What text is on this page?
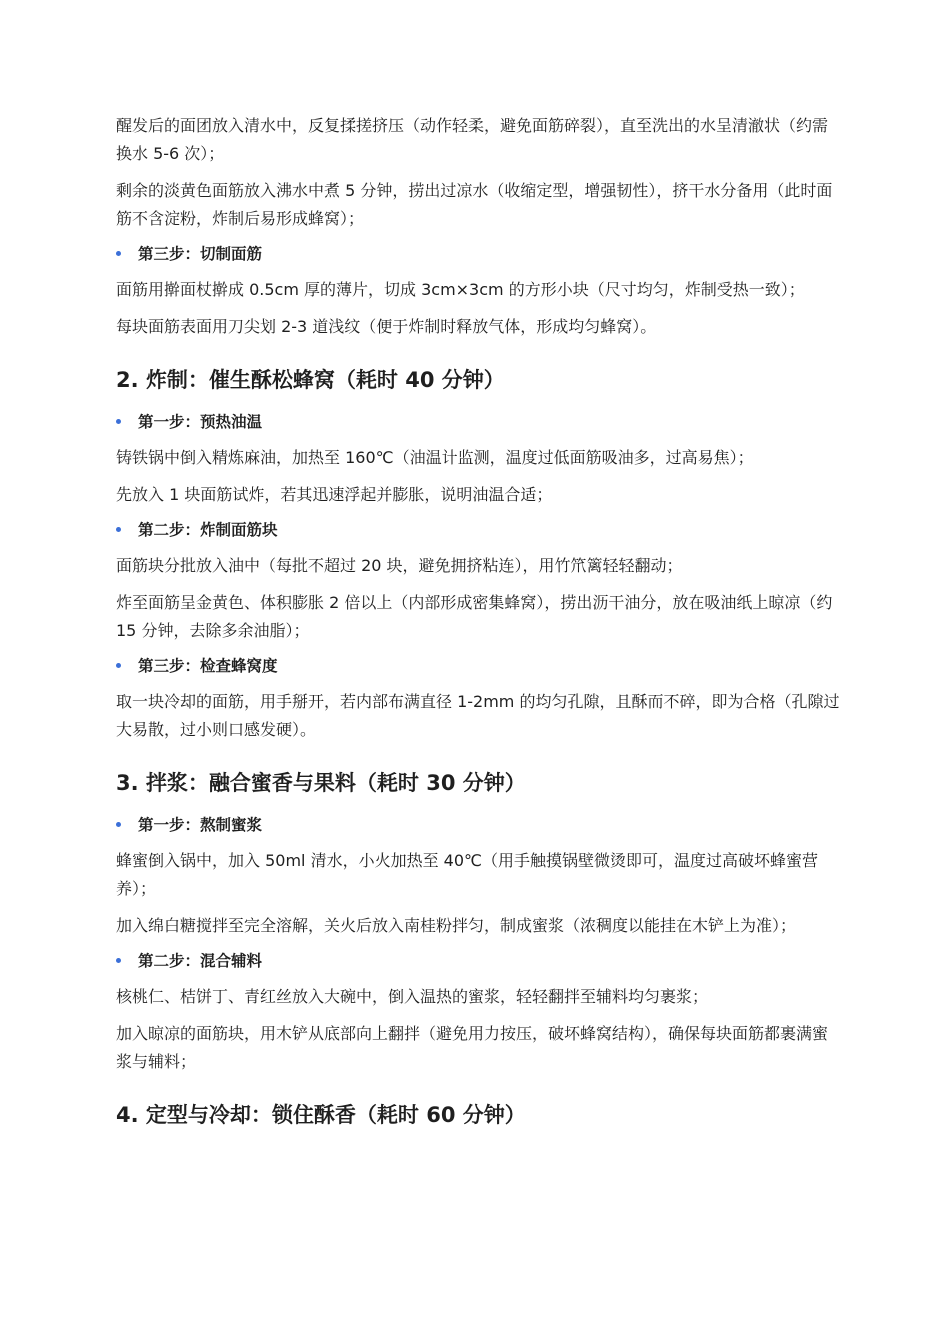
醒发后的面团放入清水中，反复揉搓挤压（动作轻柔，避免面筋碎裂），直至洗出的水呈清澈状（约需换水 5-6 次）；

剩余的淡黄色面筋放入沸水中煮 5 分钟，捞出过凉水（收缩定型，增强韧性），挤干水分备用（此时面筋不含淀粉，炸制后易形成蜂窝）；

第三步：切制面筋

面筋用擀面杖擀成 0.5cm 厚的薄片，切成 3cm×3cm 的方形小块（尺寸均匀，炸制受热一致）；

每块面筋表面用刀尖划 2-3 道浅纹（便于炸制时释放气体，形成均匀蜂窝）。

2. 炸制：催生酥松蜂窝（耗时 40 分钟）
第一步：预热油温

铸铁锅中倒入精炼麻油，加热至 160℃（油温计监测，温度过低面筋吸油多，过高易焦）；

先放入 1 块面筋试炸，若其迅速浮起并膨胀，说明油温合适；

第二步：炸制面筋块

面筋块分批放入油中（每批不超过 20 块，避免拥挤粘连），用竹笊篱轻轻翻动；

炸至面筋呈金黄色、体积膨胀 2 倍以上（内部形成密集蜂窝），捞出沥干油分，放在吸油纸上晾凉（约 15 分钟，去除多余油脂）；

第三步：检查蜂窝度

取一块冷却的面筋，用手掰开，若内部布满直径 1-2mm 的均匀孔隙，且酥而不碎，即为合格（孔隙过大易散，过小则口感发硬）。

3. 拌浆：融合蜜香与果料（耗时 30 分钟）
第一步：熬制蜜浆

蜂蜜倒入锅中，加入 50ml 清水，小火加热至 40℃（用手触摸锅壁微烫即可，温度过高破坏蜂蜜营养）；

加入绵白糖搅拌至完全溶解，关火后放入南桂粉拌匀，制成蜜浆（浓稠度以能挂在木铲上为准）；

第二步：混合辅料

核桃仁、桔饼丁、青红丝放入大碗中，倒入温热的蜜浆，轻轻翻拌至辅料均匀裹浆；

加入晾凉的面筋块，用木铲从底部向上翻拌（避免用力按压，破坏蜂窝结构），确保每块面筋都裹满蜜浆与辅料；

4. 定型与冷却：锁住酥香（耗时 60 分钟）
